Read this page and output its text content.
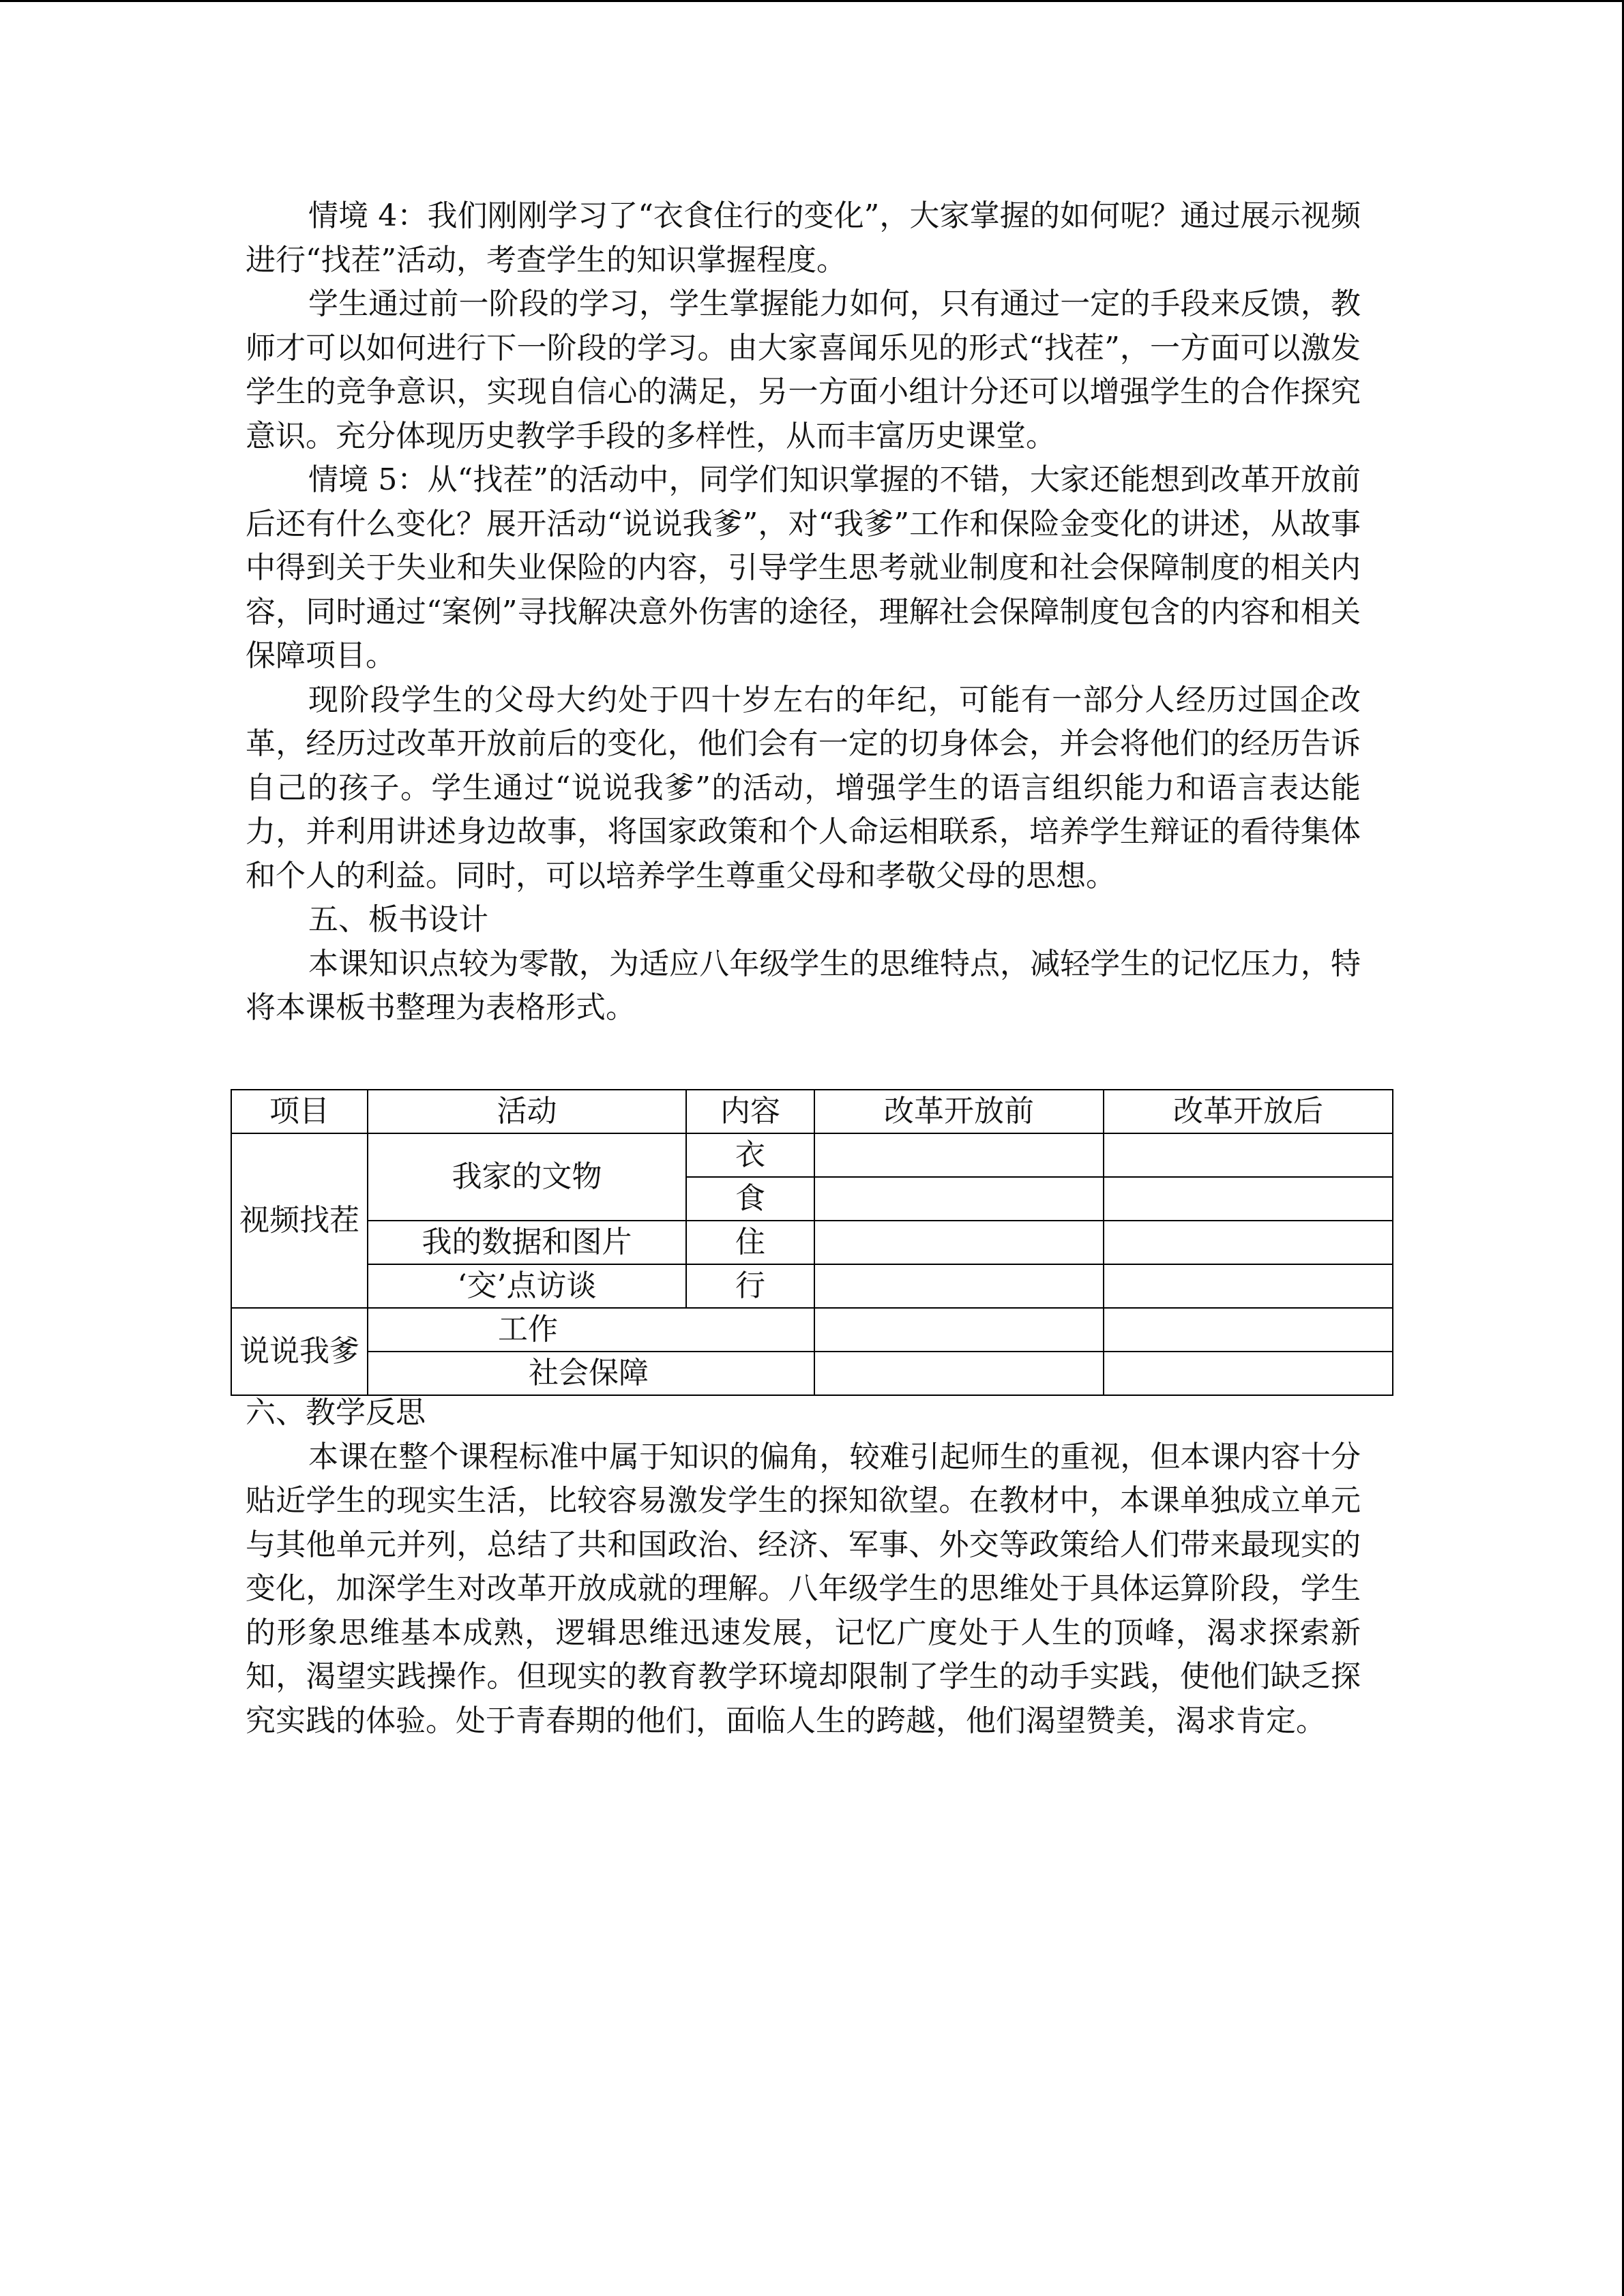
情境 4：我们刚刚学习了“衣食住行的变化”，大家掌握的如何呢？通过展示视频进行“找茬”活动，考查学生的知识掌握程度。

学生通过前一阶段的学习，学生掌握能力如何，只有通过一定的手段来反馈，教师才可以如何进行下一阶段的学习。由大家喜闻乐见的形式“找茬”，一方面可以激发学生的竞争意识，实现自信心的满足，另一方面小组计分还可以增强学生的合作探究意识。充分体现历史教学手段的多样性，从而丰富历史课堂。

情境 5：从“找茬”的活动中，同学们知识掌握的不错，大家还能想到改革开放前后还有什么变化？展开活动“说说我爹”，对“我爹”工作和保险金变化的讲述，从故事中得到关于失业和失业保险的内容，引导学生思考就业制度和社会保障制度的相关内容，同时通过“案例”寻找解决意外伤害的途径，理解社会保障制度包含的内容和相关保障项目。

现阶段学生的父母大约处于四十岁左右的年纪，可能有一部分人经历过国企改革，经历过改革开放前后的变化，他们会有一定的切身体会，并会将他们的经历告诉自己的孩子。学生通过“说说我爹”的活动，增强学生的语言组织能力和语言表达能力，并利用讲述身边故事，将国家政策和个人命运相联系，培养学生辩证的看待集体和个人的利益。同时，可以培养学生尊重父母和孝敬父母的思想。

五、板书设计

本课知识点较为零散，为适应八年级学生的思维特点，减轻学生的记忆压力，特将本课板书整理为表格形式。

项目	活动	内容	改革开放前	改革开放后
视频找茬	我家的文物	衣		
		食		
	我的数据和图片	住		
	‘交’点访谈	行		
说说我爹	工作			
	社会保障			

六、教学反思

本课在整个课程标准中属于知识的偏角，较难引起师生的重视，但本课内容十分贴近学生的现实生活，比较容易激发学生的探知欲望。在教材中，本课单独成立单元与其他单元并列，总结了共和国政治、经济、军事、外交等政策给人们带来最现实的变化，加深学生对改革开放成就的理解。八年级学生的思维处于具体运算阶段，学生的形象思维基本成熟，逻辑思维迅速发展，记忆广度处于人生的顶峰，渴求探索新知，渴望实践操作。但现实的教育教学环境却限制了学生的动手实践，使他们缺乏探究实践的体验。处于青春期的他们，面临人生的跨越，他们渴望赞美，渴求肯定。
